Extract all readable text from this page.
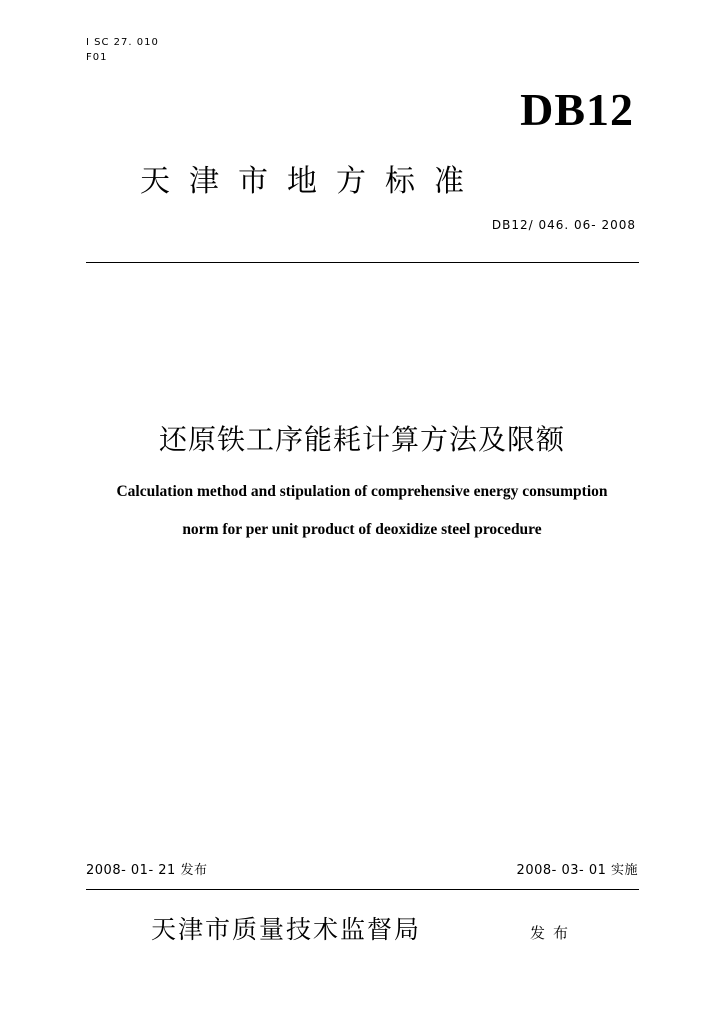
I SC 27. 010
F01
DB12
天津市地方标准
DB12/ 046. 06- 2008
还原铁工序能耗计算方法及限额
Calculation method and stipulation of comprehensive energy consumption
norm for per unit product of deoxidize steel procedure
2008- 01- 21 发布	2008- 03- 01 实施
天津市质量技术监督局	发布
